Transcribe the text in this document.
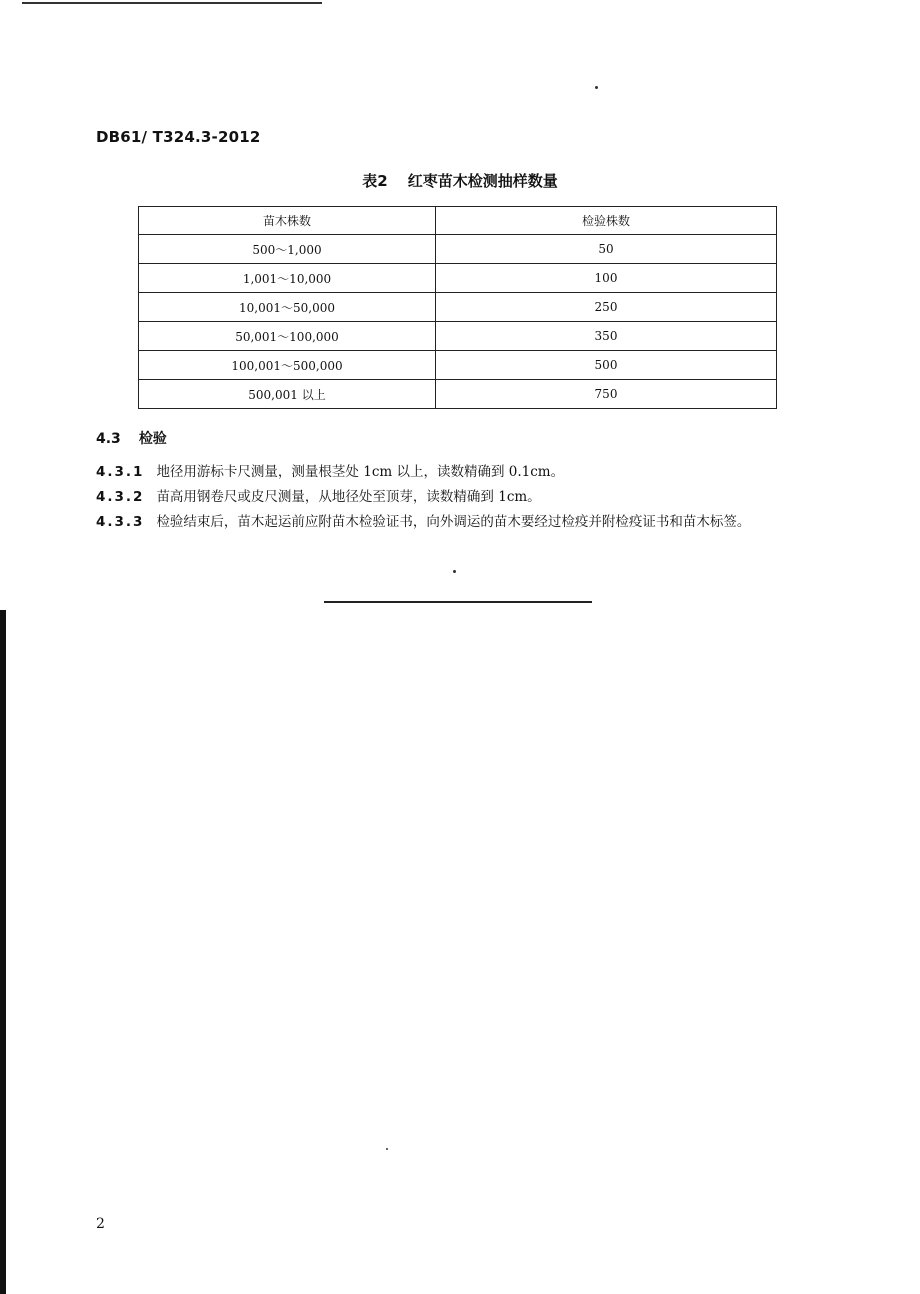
DB61/ T324.3-2012
表2 红枣苗木检测抽样数量
苗木株数	检验株数
500～1,000	50
1,001～10,000	100
10,001～50,000	250
50,001～100,000	350
100,001～500,000	500
500,001 以上	750
4.3 检验
4.3.1 地径用游标卡尺测量，测量根茎处 1cm 以上，读数精确到 0.1cm。
4.3.2 苗高用钢卷尺或皮尺测量，从地径处至顶芽，读数精确到 1cm。
4.3.3 检验结束后，苗木起运前应附苗木检验证书，向外调运的苗木要经过检疫并附检疫证书和苗木标签。
2
